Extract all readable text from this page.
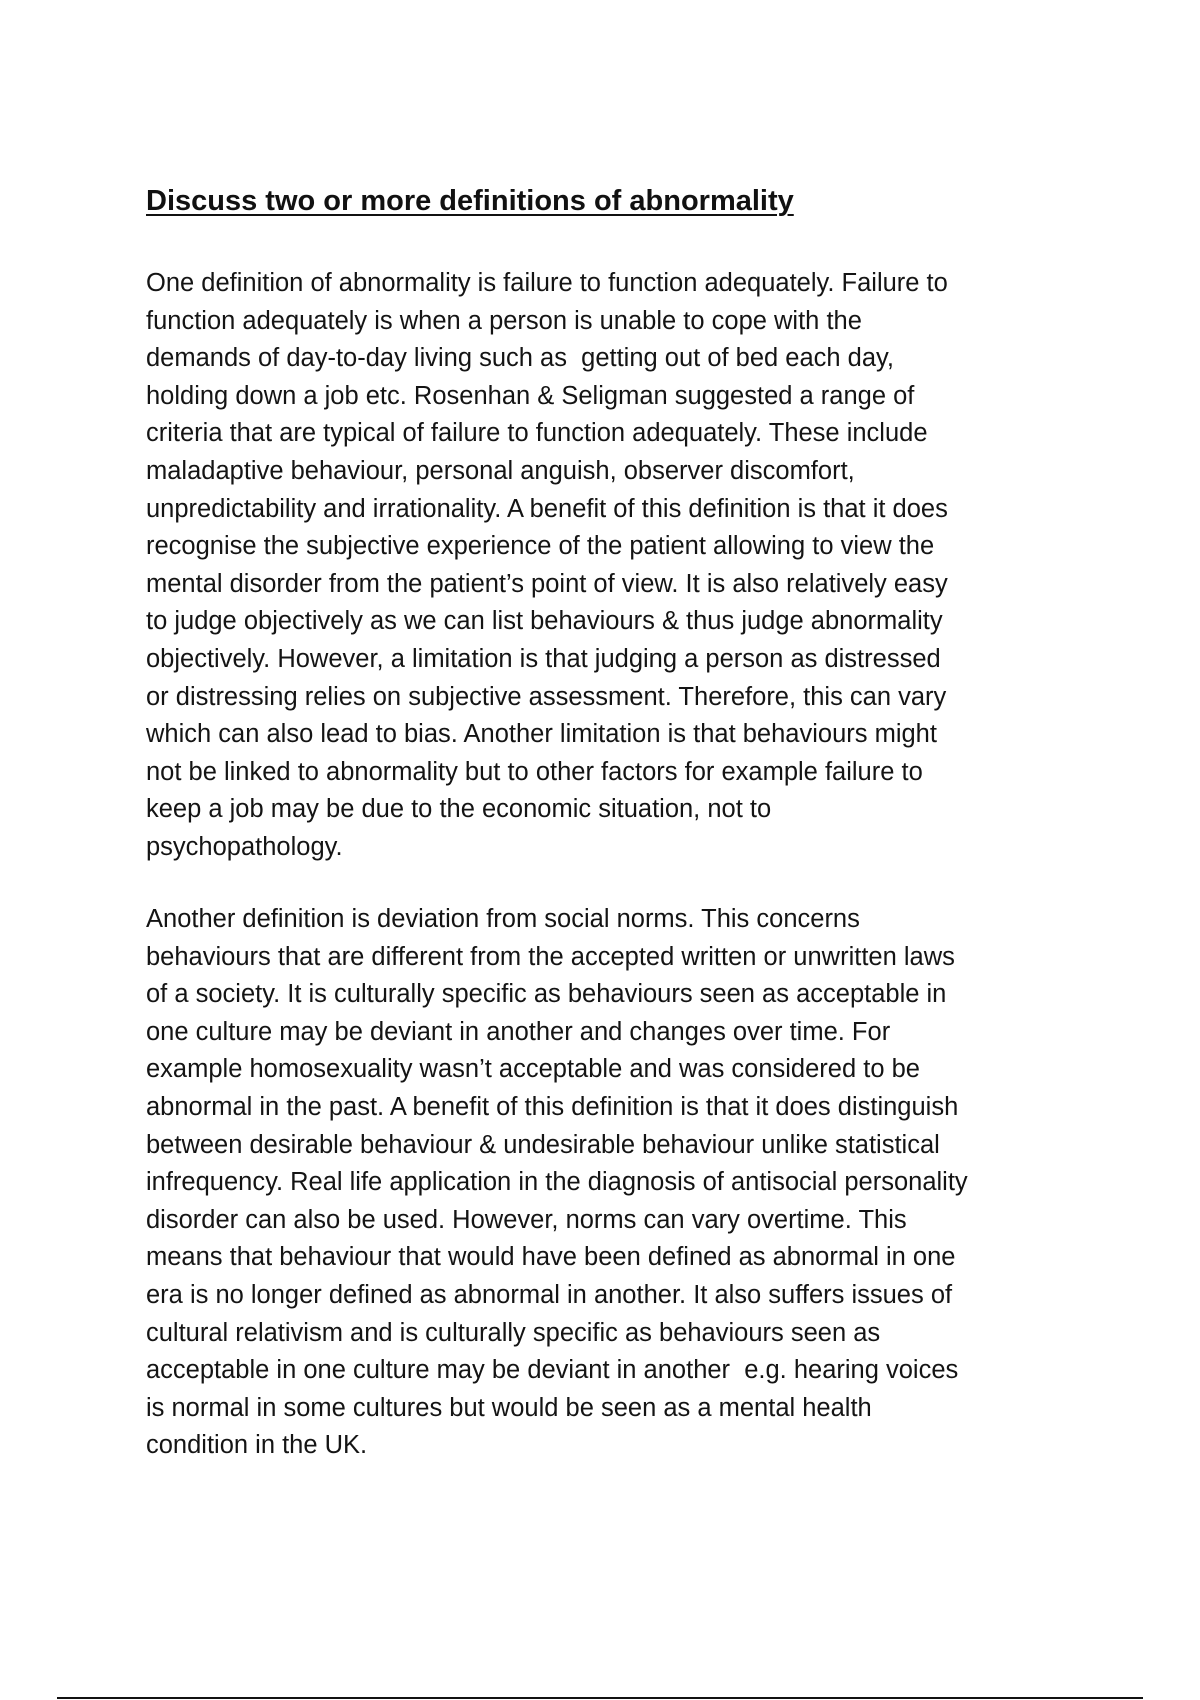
Discuss two or more definitions of abnormality
One definition of abnormality is failure to function adequately. Failure to
function adequately is when a person is unable to cope with the
demands of day-to-day living such as  getting out of bed each day,
holding down a job etc. Rosenhan & Seligman suggested a range of
criteria that are typical of failure to function adequately. These include
maladaptive behaviour, personal anguish, observer discomfort,
unpredictability and irrationality. A benefit of this definition is that it does
recognise the subjective experience of the patient allowing to view the
mental disorder from the patient’s point of view. It is also relatively easy
to judge objectively as we can list behaviours & thus judge abnormality
objectively. However, a limitation is that judging a person as distressed
or distressing relies on subjective assessment. Therefore, this can vary
which can also lead to bias. Another limitation is that behaviours might
not be linked to abnormality but to other factors for example failure to
keep a job may be due to the economic situation, not to
psychopathology.
Another definition is deviation from social norms. This concerns
behaviours that are different from the accepted written or unwritten laws
of a society. It is culturally specific as behaviours seen as acceptable in
one culture may be deviant in another and changes over time. For
example homosexuality wasn’t acceptable and was considered to be
abnormal in the past. A benefit of this definition is that it does distinguish
between desirable behaviour & undesirable behaviour unlike statistical
infrequency. Real life application in the diagnosis of antisocial personality
disorder can also be used. However, norms can vary overtime. This
means that behaviour that would have been defined as abnormal in one
era is no longer defined as abnormal in another. It also suffers issues of
cultural relativism and is culturally specific as behaviours seen as
acceptable in one culture may be deviant in another  e.g. hearing voices
is normal in some cultures but would be seen as a mental health
condition in the UK.
